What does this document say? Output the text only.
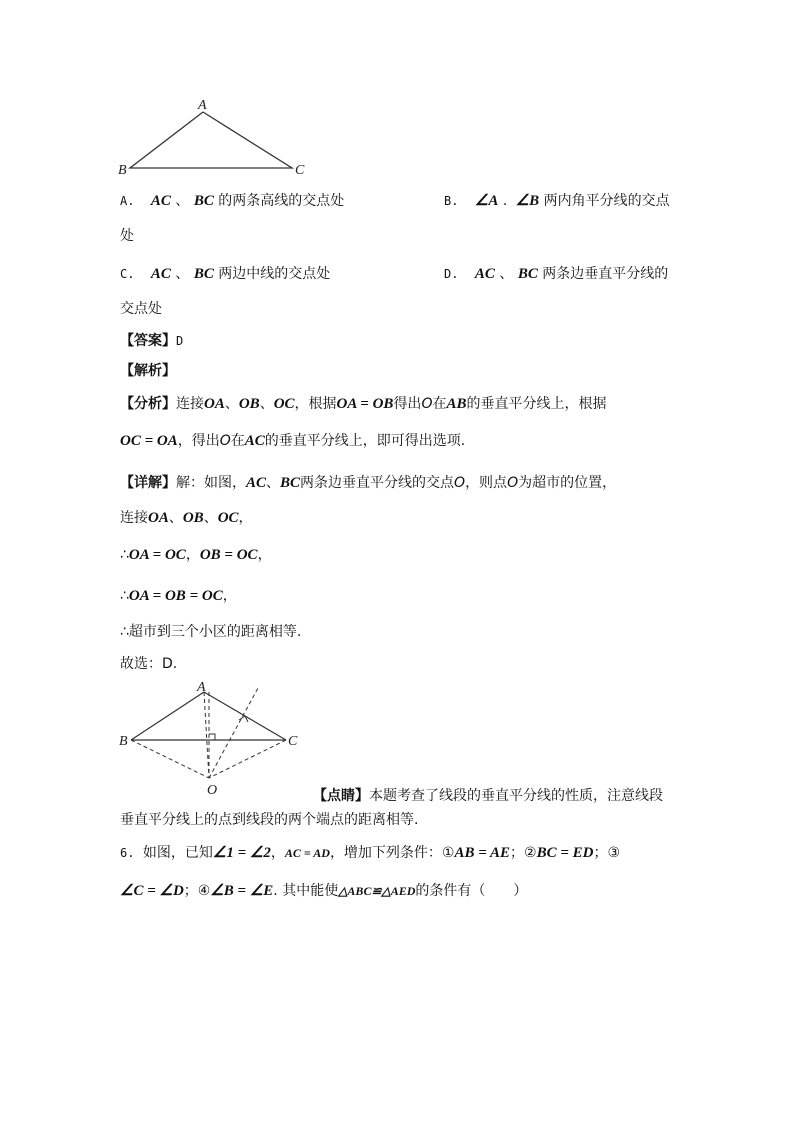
A
B	C
A. AC 、 BC 的两条高线的交点处	B. ∠A . ∠B 两内角平分线的交点
处
C. AC 、 BC 两边中线的交点处	D. AC 、 BC 两条边垂直平分线的
交点处
【答案】D
【解析】
【分析】连接OA、OB、OC，根据OA = OB得出O在AB的垂直平分线上，根据
OC = OA，得出O在AC的垂直平分线上，即可得出选项.
【详解】解：如图，AC、BC两条边垂直平分线的交点O，则点O为超市的位置，
连接OA、OB、OC，
∴OA = OC，OB = OC，
∴OA = OB = OC，
∴超市到三个小区的距离相等.
故选：D.
A
B	C
O	【点睛】本题考查了线段的垂直平分线的性质，注意线段
垂直平分线上的点到线段的两个端点的距离相等.
6. 如图，已知∠1 = ∠2，AC = AD，增加下列条件：①AB = AE；②BC = ED；③
∠C = ∠D；④∠B = ∠E. 其中能使△ABC≌△AED的条件有（　　）
